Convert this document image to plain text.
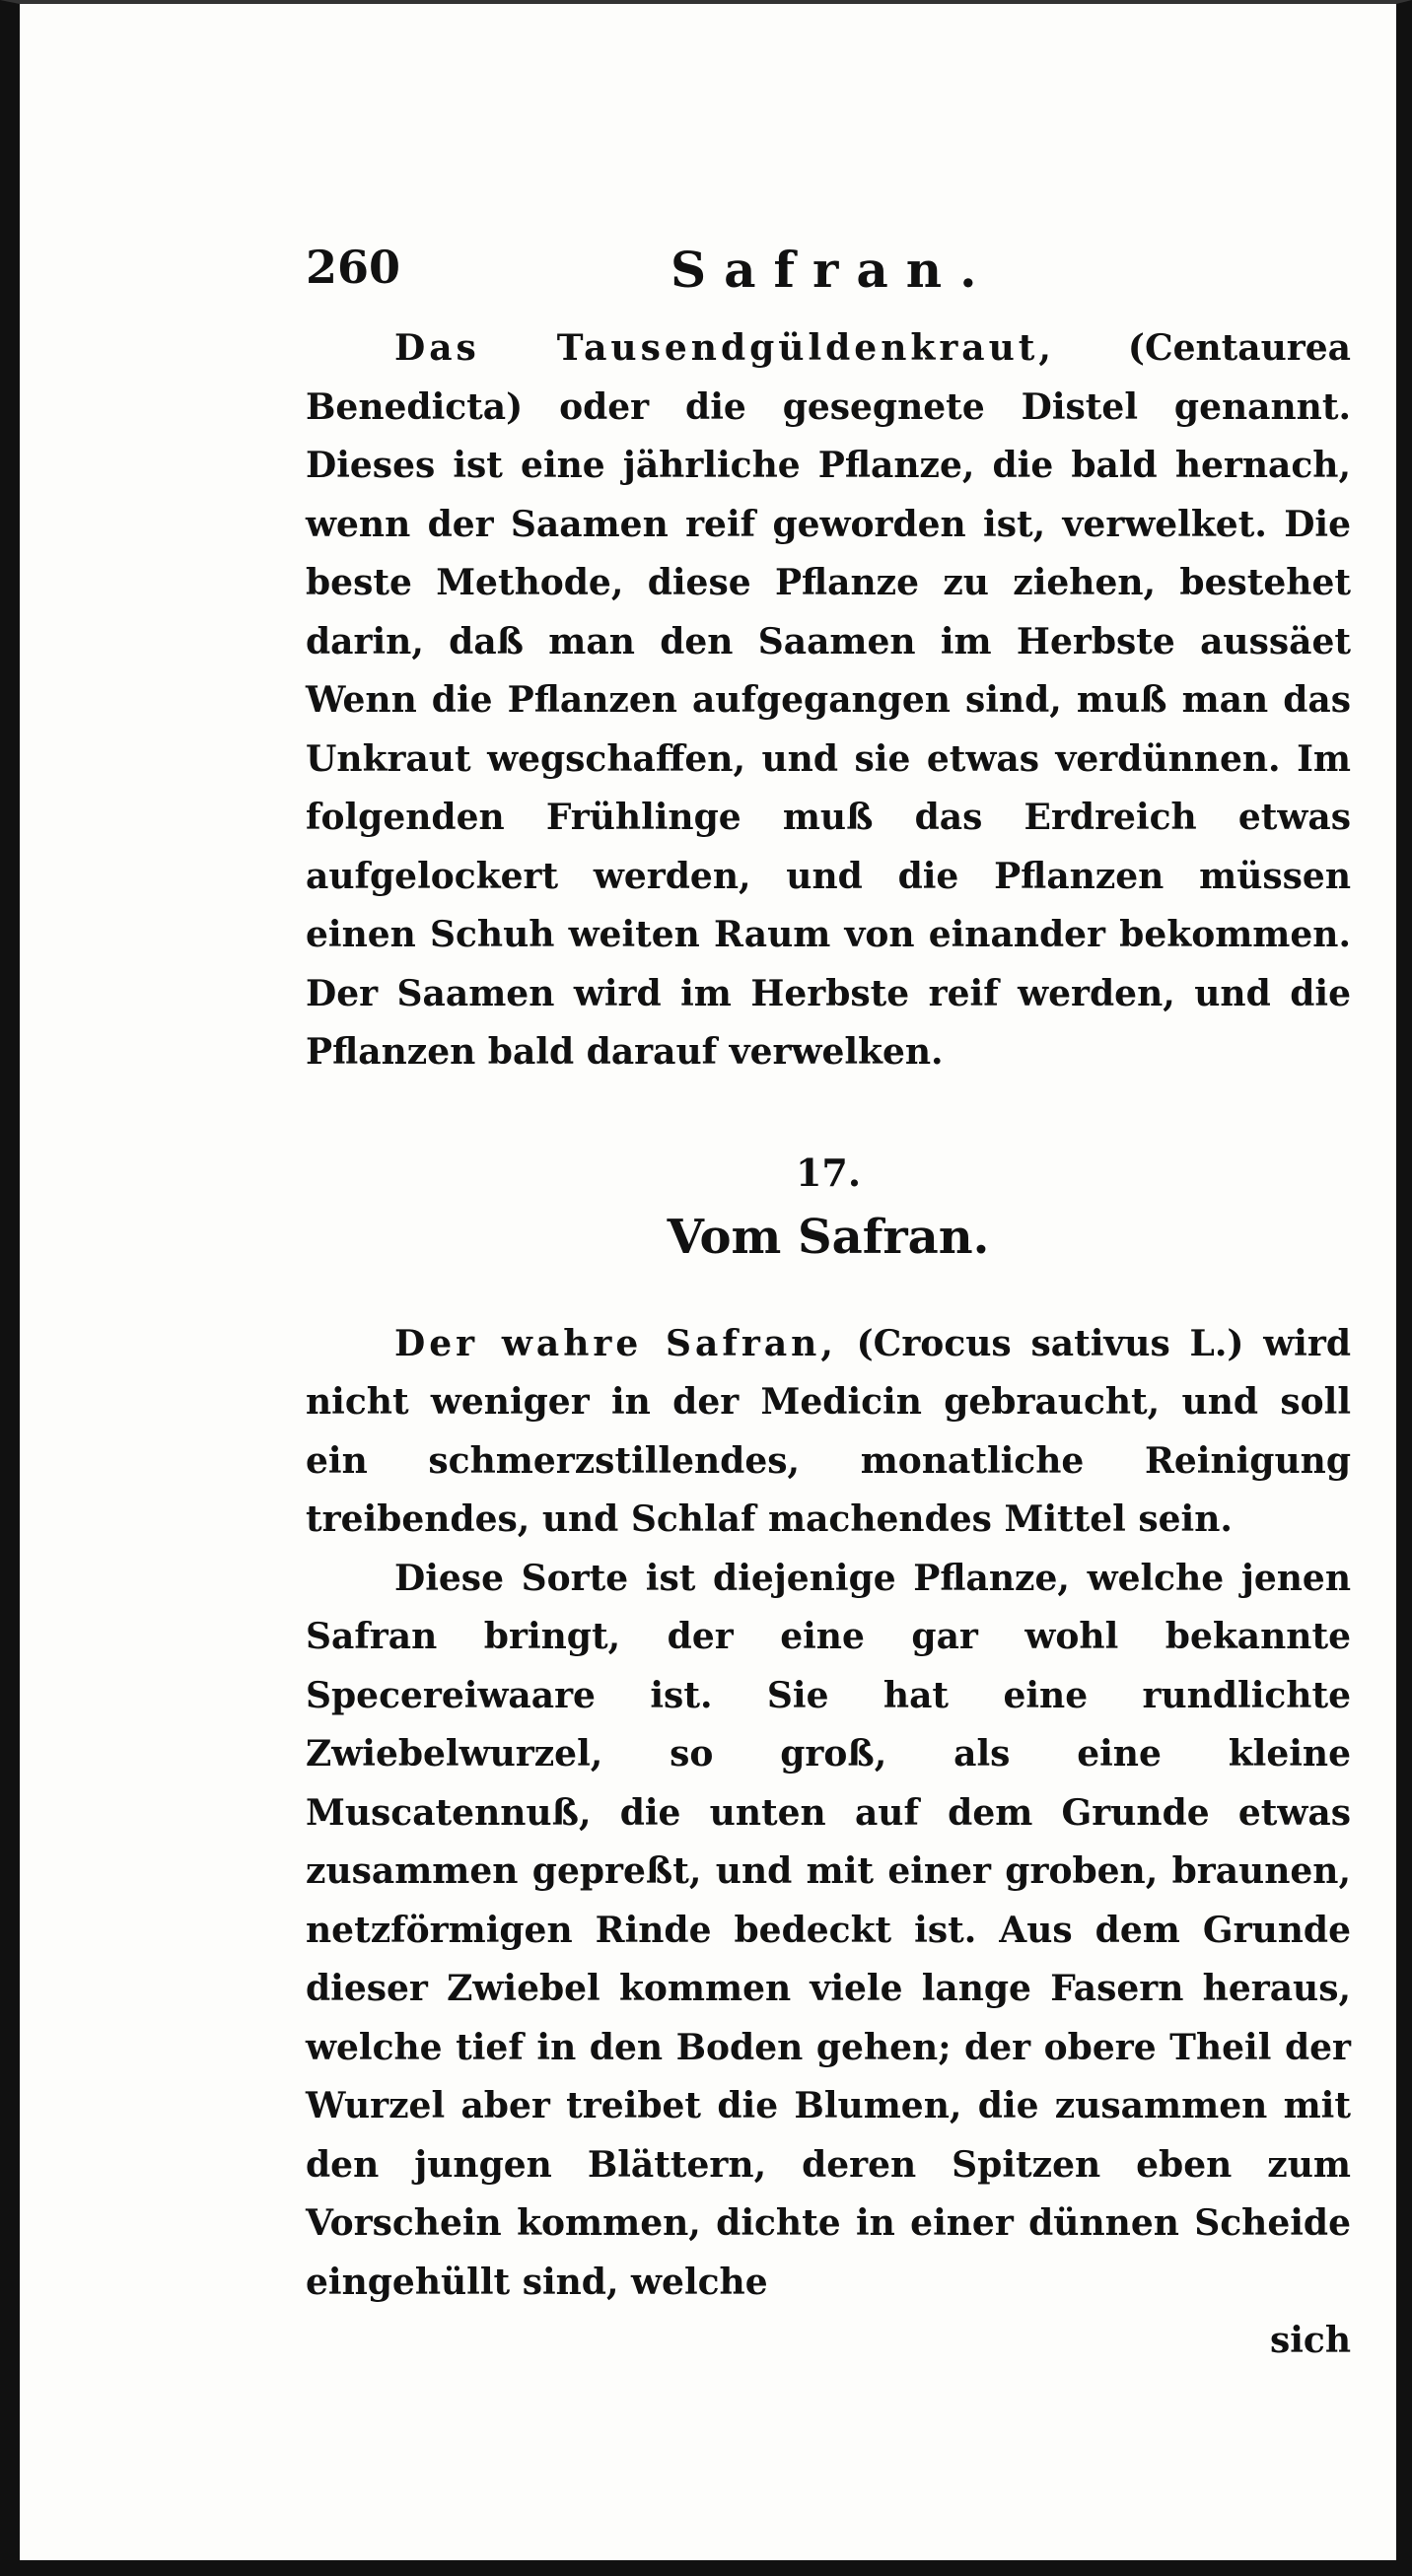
260	Safran.

Das Tausendgüldenkraut, (Centaurea Benedicta) oder die gesegnete Distel genannt. Dieses ist eine jährliche Pflanze, die bald hernach, wenn der Saamen reif geworden ist, verwelket. Die beste Methode, diese Pflanze zu ziehen, bestehet darin, daß man den Saamen im Herbste aussäet Wenn die Pflanzen aufgegangen sind, muß man das Unkraut wegschaffen, und sie etwas verdünnen. Im folgenden Frühlinge muß das Erdreich etwas aufgelockert werden, und die Pflanzen müssen einen Schuh weiten Raum von einander bekommen. Der Saamen wird im Herbste reif werden, und die Pflanzen bald darauf verwelken.

17.
Vom Safran.

Der wahre Safran, (Crocus sativus L.) wird nicht weniger in der Medicin gebraucht, und soll ein schmerzstillendes, monatliche Reinigung treibendes, und Schlaf machendes Mittel sein.

Diese Sorte ist diejenige Pflanze, welche jenen Safran bringt, der eine gar wohl bekannte Specereiwaare ist. Sie hat eine rundlichte Zwiebelwurzel, so groß, als eine kleine Muscatennuß, die unten auf dem Grunde etwas zusammen gepreßt, und mit einer groben, braunen, netzförmigen Rinde bedeckt ist. Aus dem Grunde dieser Zwiebel kommen viele lange Fasern heraus, welche tief in den Boden gehen; der obere Theil der Wurzel aber treibet die Blumen, die zusammen mit den jungen Blättern, deren Spitzen eben zum Vorschein kommen, dichte in einer dünnen Scheide eingehüllt sind, welche

sich
